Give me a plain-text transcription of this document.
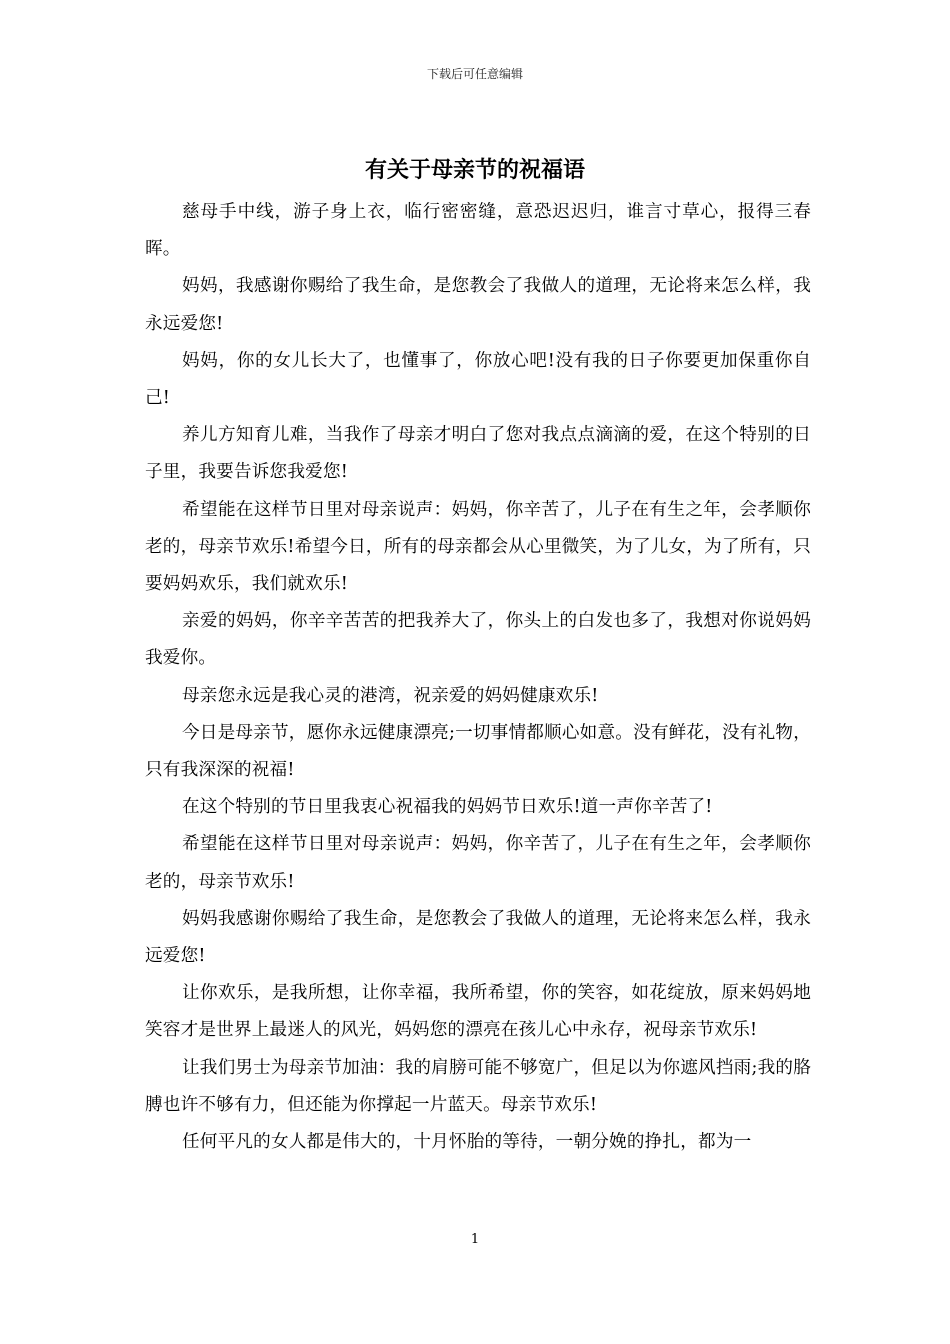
下载后可任意编辑
有关于母亲节的祝福语

慈母手中线，游子身上衣，临行密密缝，意恐迟迟归，谁言寸草心，报得三春晖。

妈妈，我感谢你赐给了我生命，是您教会了我做人的道理，无论将来怎么样，我永远爱您!

妈妈，你的女儿长大了，也懂事了，你放心吧!没有我的日子你要更加保重你自己!

养儿方知育儿难，当我作了母亲才明白了您对我点点滴滴的爱，在这个特别的日子里，我要告诉您我爱您!

希望能在这样节日里对母亲说声：妈妈，你辛苦了，儿子在有生之年，会孝顺你老的，母亲节欢乐!希望今日，所有的母亲都会从心里微笑，为了儿女，为了所有，只要妈妈欢乐，我们就欢乐!

亲爱的妈妈，你辛辛苦苦的把我养大了，你头上的白发也多了，我想对你说妈妈我爱你。

母亲您永远是我心灵的港湾，祝亲爱的妈妈健康欢乐!

今日是母亲节，愿你永远健康漂亮;一切事情都顺心如意。没有鲜花，没有礼物，只有我深深的祝福!

在这个特别的节日里我衷心祝福我的妈妈节日欢乐!道一声你辛苦了!

希望能在这样节日里对母亲说声：妈妈，你辛苦了，儿子在有生之年，会孝顺你老的，母亲节欢乐!

妈妈我感谢你赐给了我生命，是您教会了我做人的道理，无论将来怎么样，我永远爱您!

让你欢乐，是我所想，让你幸福，我所希望，你的笑容，如花绽放，原来妈妈地笑容才是世界上最迷人的风光，妈妈您的漂亮在孩儿心中永存，祝母亲节欢乐!

让我们男士为母亲节加油：我的肩膀可能不够宽广，但足以为你遮风挡雨;我的胳膊也许不够有力，但还能为你撑起一片蓝天。母亲节欢乐!

任何平凡的女人都是伟大的，十月怀胎的等待，一朝分娩的挣扎，都为一

1
